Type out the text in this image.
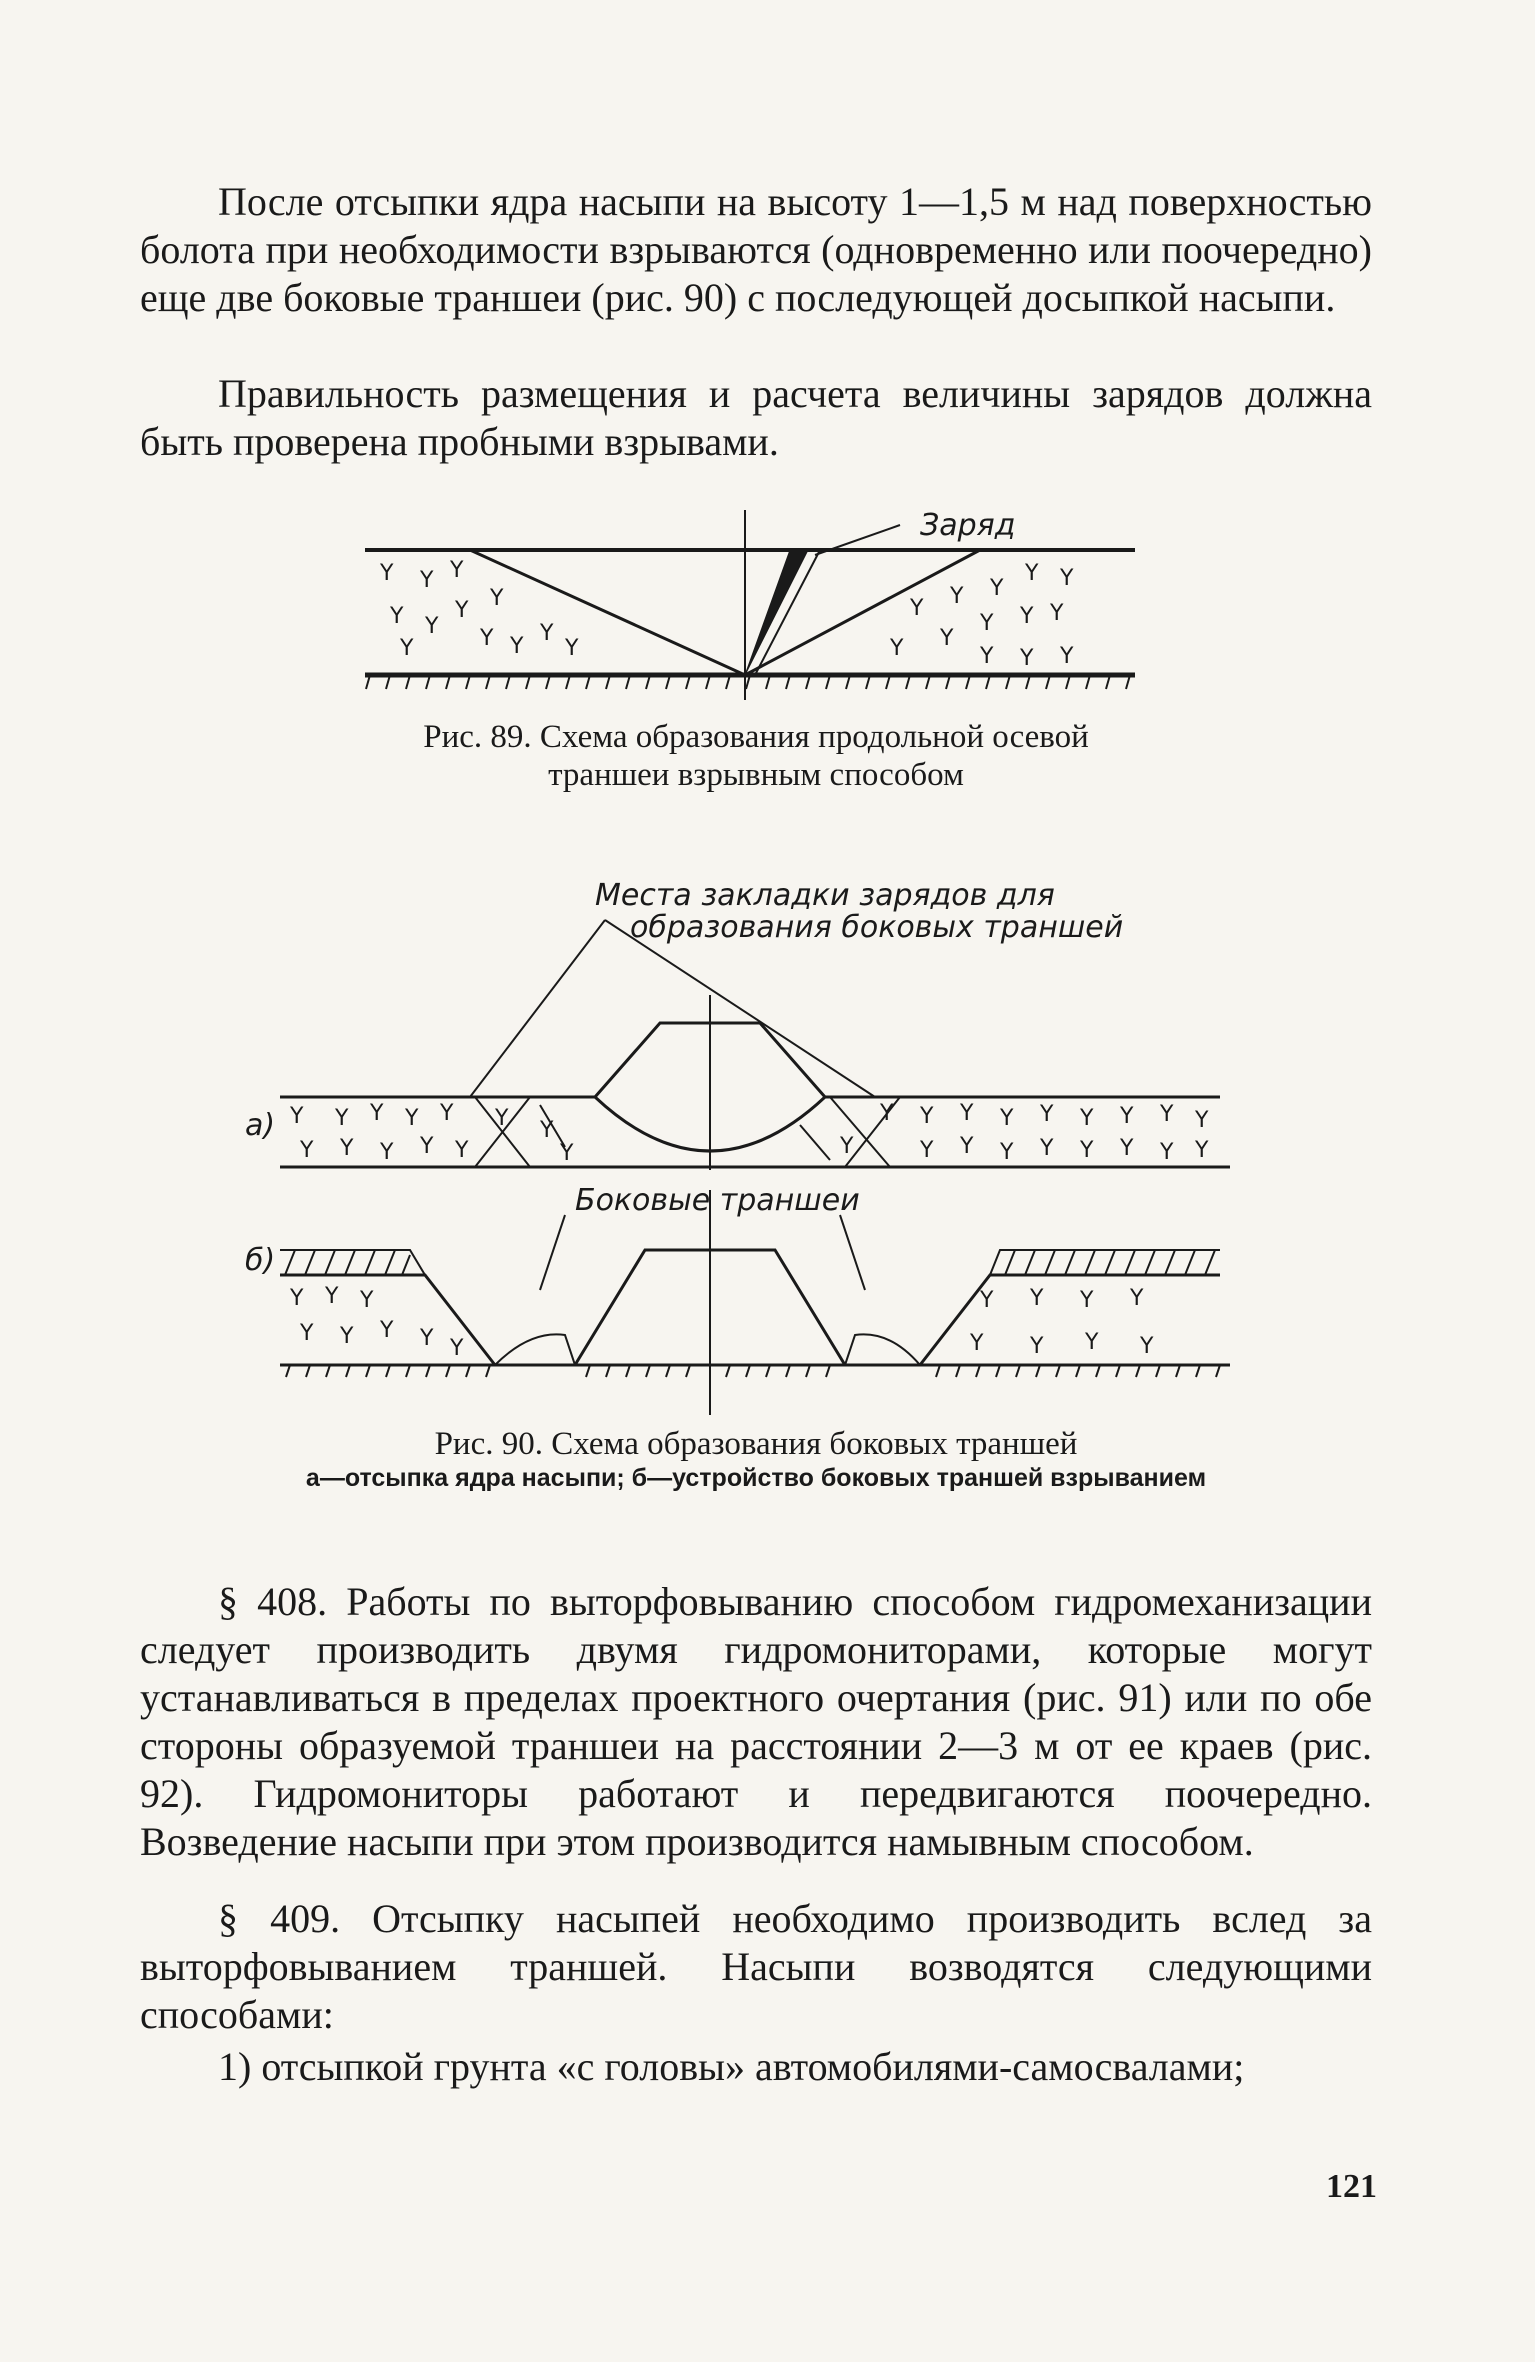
После отсыпки ядра насыпи на высоту 1—1,5 м над поверхностью болота при необходимости взрываются (одновременно или поочередно) еще две боковые траншеи (рис. 90) с последующей досыпкой насыпи.

Правильность размещения и расчета величины зарядов должна быть проверена пробными взрывами.

Заряд
Y Y Y
Y Y
Y Y
Y
Y	Y
Y
Y
Y Y Y
Y Y
Y
Y
Y
Y
Y	Y Y Y
Рис. 89. Схема образования продольной осевой
траншеи взрывным способом
Места закладки зарядов для
образования боковых траншей
а)
б)
Боковые траншеи
Y Y Y Y Y
Y Y Y Y Y
Y Y
Y	Y
Y Y Y Y Y Y Y Y Y
Y Y Y Y Y Y Y Y
Y Y Y
Y Y Y Y Y
Y Y Y Y
Y Y Y Y
Рис. 90. Схема образования боковых траншей
а—отсыпка ядра насыпи; б—устройство боковых траншей взрыванием

§ 408. Работы по выторфовыванию способом гидромеханизации следует производить двумя гидромониторами, которые могут устанавливаться в пределах проектного очертания (рис. 91) или по обе стороны образуемой траншеи на расстоянии 2—3 м от ее краев (рис. 92). Гидромониторы работают и передвигаются поочередно. Возведение насыпи при этом производится намывным способом.

§ 409. Отсыпку насыпей необходимо производить вслед за выторфовыванием траншей. Насыпи возводятся следующими способами:

1) отсыпкой грунта «с головы» автомобилями-самосвалами;

121
